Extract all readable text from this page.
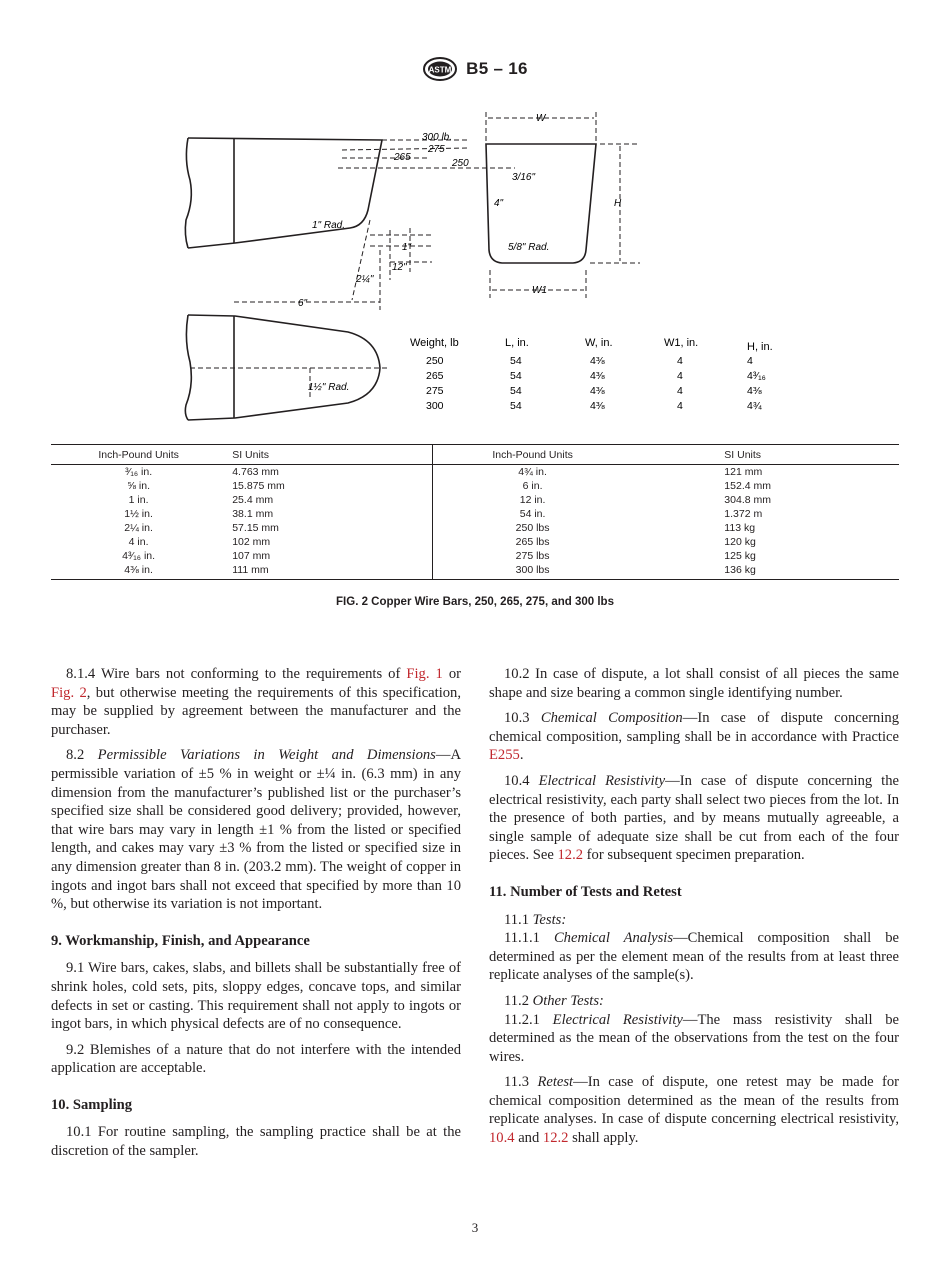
ASTM B5 – 16
300 lb.
275
265
250
1" Rad.
1"
12"
2¼"
6"
1½" Rad.
3/16"
4"
5/8" Rad.
W
W1
H
Weight, lb	L, in.	W, in.	W1, in.	H, in.
250	54	4⅜	4	4
265	54	4⅜	4	4³⁄₁₆
275	54	4⅜	4	4⅜
300	54	4⅜	4	4¾
Inch-Pound Units	SI Units	Inch-Pound Units	SI Units
³⁄₁₆ in.	4.763 mm	4¾ in.	121 mm
⅝ in.	15.875 mm	6 in.	152.4 mm
1 in.	25.4 mm	12 in.	304.8 mm
1½ in.	38.1 mm	54 in.	1.372 m
2¼ in.	57.15 mm	250 lbs	113 kg
4 in.	102 mm	265 lbs	120 kg
4³⁄₁₆ in.	107 mm	275 lbs	125 kg
4⅜ in.	111 mm	300 lbs	136 kg
FIG. 2 Copper Wire Bars, 250, 265, 275, and 300 lbs

8.1.4 Wire bars not conforming to the requirements of Fig. 1 or Fig. 2, but otherwise meeting the requirements of this specification, may be supplied by agreement between the manufacturer and the purchaser.

8.2 Permissible Variations in Weight and Dimensions—A permissible variation of ±5 % in weight or ±¼ in. (6.3 mm) in any dimension from the manufacturer’s published list or the purchaser’s specified size shall be considered good delivery; provided, however, that wire bars may vary in length ±1 % from the listed or specified length, and cakes may vary ±3 % from the listed or specified size in any dimension greater than 8 in. (203.2 mm). The weight of copper in ingots and ingot bars shall not exceed that specified by more than 10 %, but otherwise its variation is not important.

9. Workmanship, Finish, and Appearance

9.1 Wire bars, cakes, slabs, and billets shall be substantially free of shrink holes, cold sets, pits, sloppy edges, concave tops, and similar defects in set or casting. This requirement shall not apply to ingots or ingot bars, in which physical defects are of no consequence.

9.2 Blemishes of a nature that do not interfere with the intended application are acceptable.

10. Sampling

10.1 For routine sampling, the sampling practice shall be at the discretion of the sampler.

10.2 In case of dispute, a lot shall consist of all pieces the same shape and size bearing a common single identifying number.

10.3 Chemical Composition—In case of dispute concerning chemical composition, sampling shall be in accordance with Practice E255.

10.4 Electrical Resistivity—In case of dispute concerning the electrical resistivity, each party shall select two pieces from the lot. In the presence of both parties, and by means mutually agreeable, a single sample of adequate size shall be cut from each of the four pieces. See 12.2 for subsequent specimen preparation.

11. Number of Tests and Retest

11.1 Tests:

11.1.1 Chemical Analysis—Chemical composition shall be determined as per the element mean of the results from at least three replicate analyses of the sample(s).

11.2 Other Tests:

11.2.1 Electrical Resistivity—The mass resistivity shall be determined as the mean of the observations from the test on the four wires.

11.3 Retest—In case of dispute, one retest may be made for chemical composition determined as the mean of the results from replicate analyses. In case of dispute concerning electrical resistivity, 10.4 and 12.2 shall apply.

3
